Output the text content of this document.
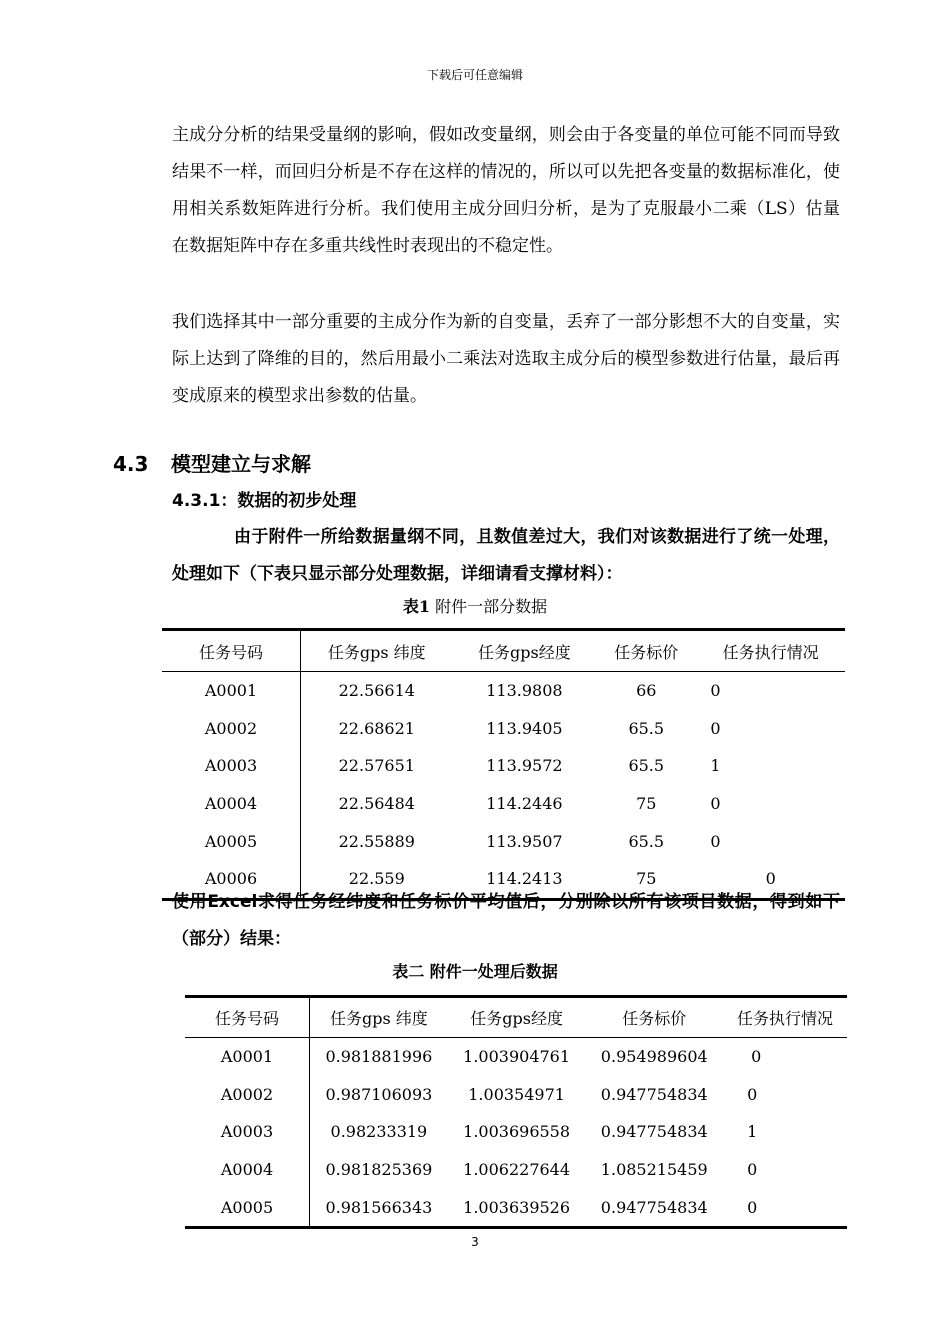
下载后可任意编辑
主成分分析的结果受量纲的影响，假如改变量纲，则会由于各变量的单位可能不同而导致结果不一样，而回归分析是不存在这样的情况的，所以可以先把各变量的数据标准化，使用相关系数矩阵进行分析。我们使用主成分回归分析，是为了克服最小二乘（LS）估量在数据矩阵中存在多重共线性时表现出的不稳定性。
我们选择其中一部分重要的主成分作为新的自变量，丢弃了一部分影想不大的自变量，实际上达到了降维的目的，然后用最小二乘法对选取主成分后的模型参数进行估量，最后再变成原来的模型求出参数的估量。
4.3 模型建立与求解
4.3.1：数据的初步处理
由于附件一所给数据量纲不同，且数值差过大，我们对该数据进行了统一处理，处理如下（下表只显示部分处理数据，详细请看支撑材料）：
表1 附件一部分数据
任务号码	任务gps 纬度	任务gps经度	任务标价	任务执行情况
A0001	22.56614	113.9808	66	0
A0002	22.68621	113.9405	65.5	0
A0003	22.57651	113.9572	65.5	1
A0004	22.56484	114.2446	75	0
A0005	22.55889	113.9507	65.5	0
A0006	22.559	114.2413	75	0
使用Excel求得任务经纬度和任务标价平均值后，分别除以所有该项目数据，得到如下（部分）结果：
表二 附件一处理后数据
任务号码	任务gps 纬度	任务gps经度	任务标价	任务执行情况
A0001	0.981881996	1.003904761	0.954989604	0
A0002	0.987106093	1.00354971	0.947754834	0
A0003	0.98233319	1.003696558	0.947754834	1
A0004	0.981825369	1.006227644	1.085215459	0
A0005	0.981566343	1.003639526	0.947754834	0
3
